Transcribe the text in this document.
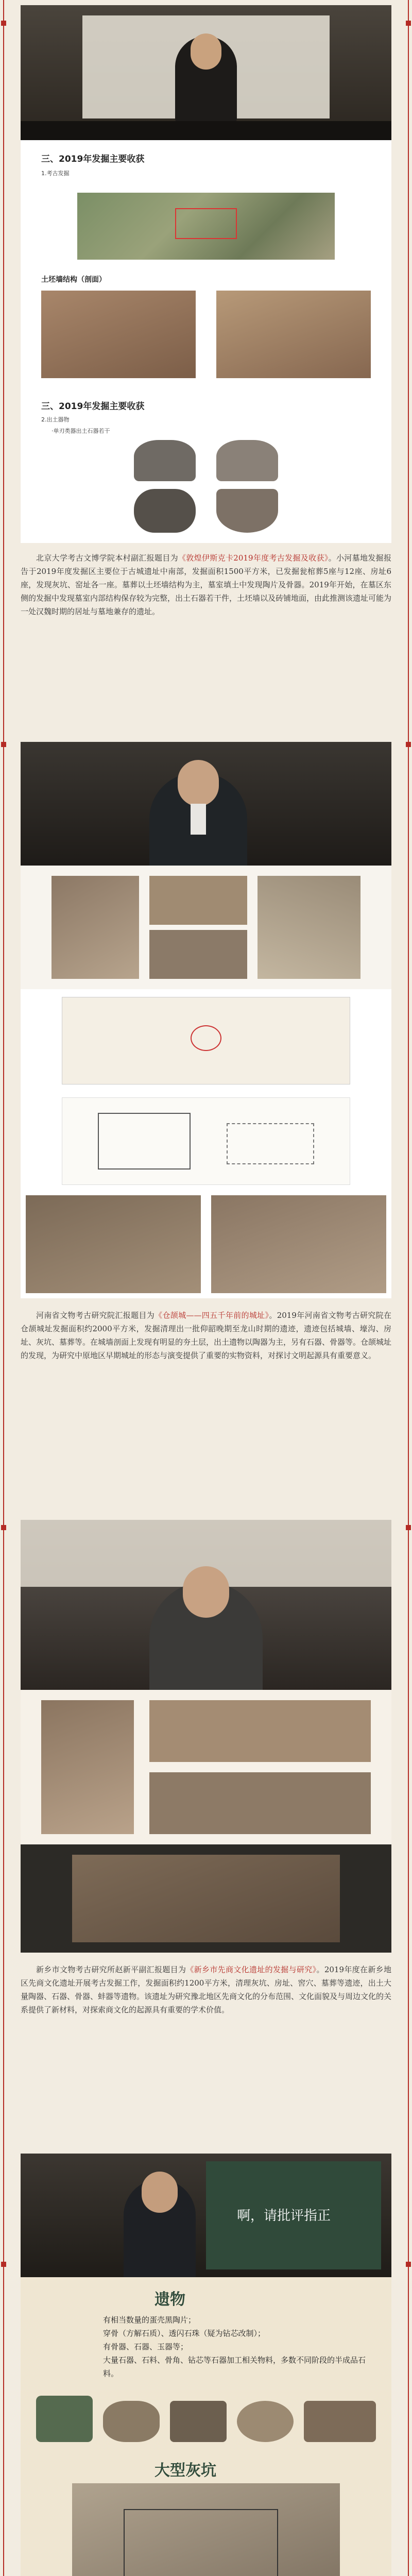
三、2019年发掘主要收获
1.考古发掘
土坯墙结构（剖面）
三、2019年发掘主要收获
2.出土器物
·单刃类器出土石器若干

北京大学考古文博学院本村副汇报题目为《敦煌伊斯克卡2019年度考古发掘及收获》。小河墓地发掘报告于2019年度发掘区主要位于古城遗址中南部，发掘面积1500平方米，已发掘瓮棺葬5座与12座、房址6座，发现灰坑、窑址各一座。墓葬以土坯墙结构为主，墓室填土中发现陶片及骨器。2019年开始，在墓区东侧的发掘中发现墓室内部结构保存较为完整，出土石器若干件，土坯墙以及砖铺地面，由此推测该遗址可能为一处汉魏时期的居址与墓地兼存的遗址。

河南省文物考古研究院汇报题目为《仓颉城——四五千年前的城址》。2019年河南省文物考古研究院在仓颉城址发掘面积约2000平方米，发掘清理出一批仰韶晚期至龙山时期的遗迹，遗迹包括城墙、壕沟、房址、灰坑、墓葬等。在城墙剖面上发现有明显的夯土层，出土遗物以陶器为主，另有石器、骨器等。仓颉城址的发现，为研究中原地区早期城址的形态与演变提供了重要的实物资料，对探讨文明起源具有重要意义。

新乡市文物考古研究所赵新平副汇报题目为《新乡市先商文化遗址的发掘与研究》。2019年度在新乡地区先商文化遗址开展考古发掘工作，发掘面积约1200平方米，清理灰坑、房址、窖穴、墓葬等遗迹，出土大量陶器、石器、骨器、蚌器等遗物。该遗址为研究豫北地区先商文化的分布范围、文化面貌及与周边文化的关系提供了新材料，对探索商文化的起源具有重要的学术价值。

啊，请批评指正
遗物
有相当数量的蛋壳黑陶片；
穿骨（方解石质）、透闪石珠（疑为钻芯改制）；
有骨器、石器、玉器等；
大量石器、石料、骨角、钻芯等石器加工相关物料，多数不同阶段的半成品石料。
大型灰坑
